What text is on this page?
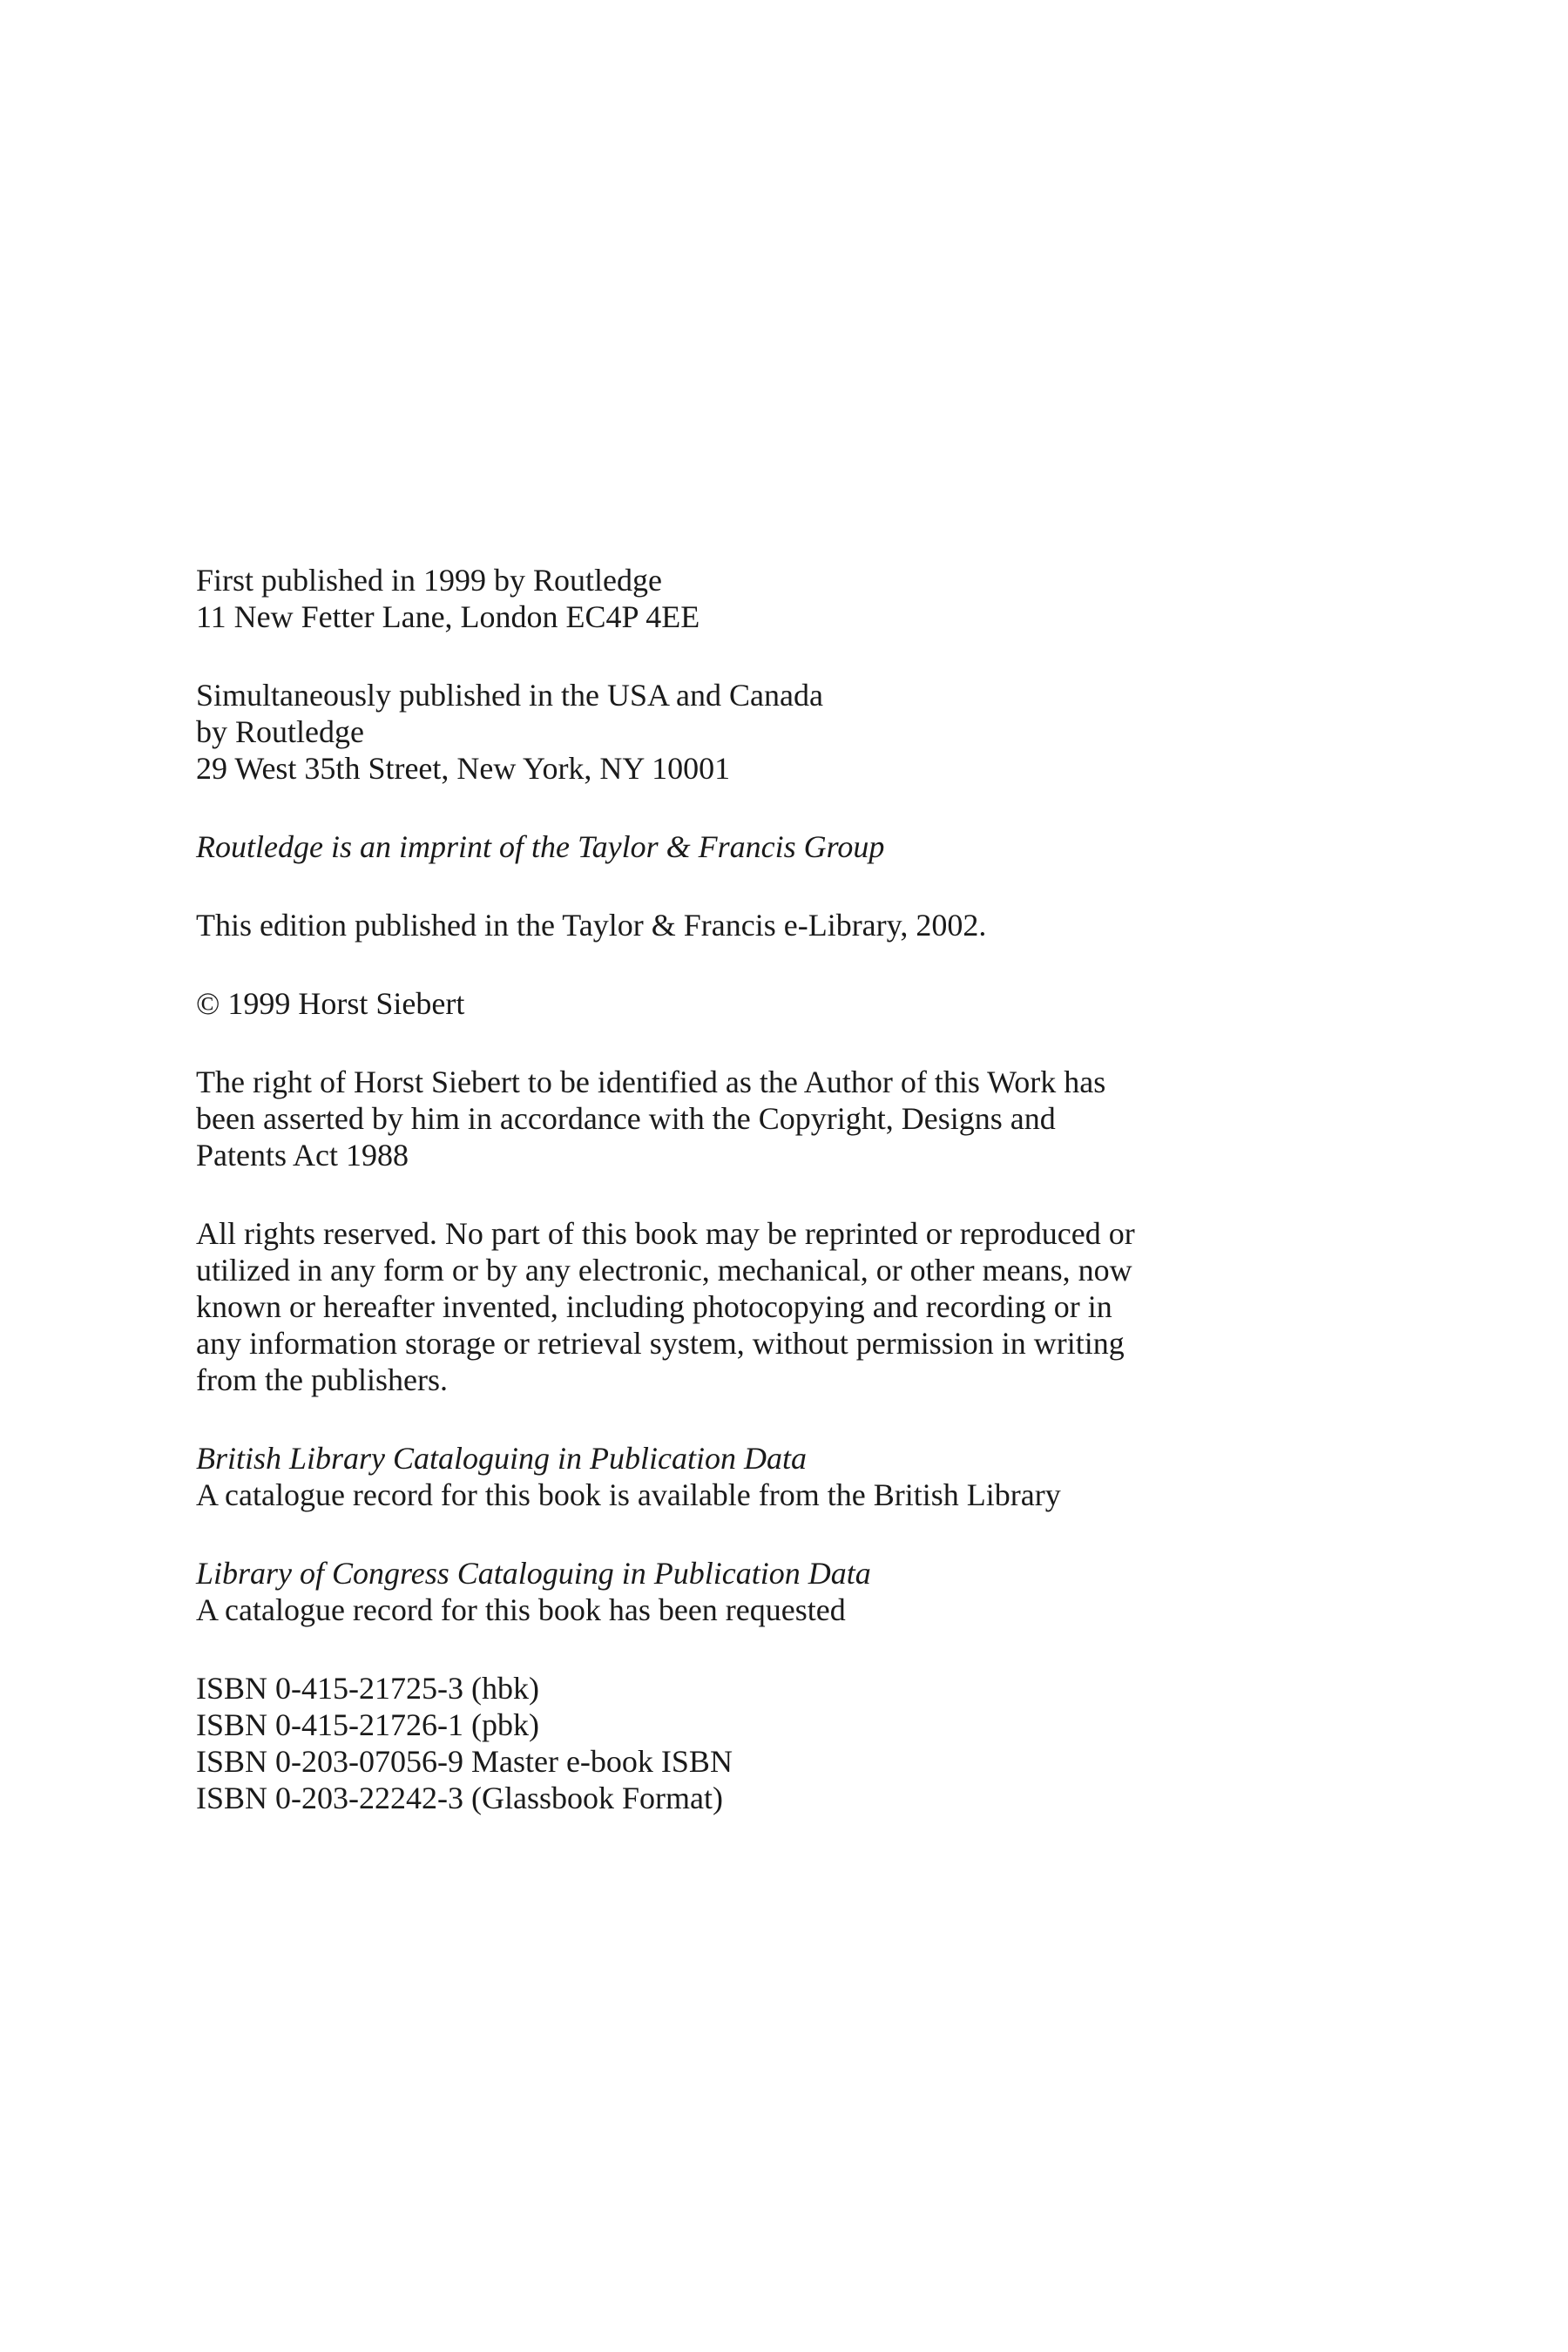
First published in 1999 by Routledge
11 New Fetter Lane, London EC4P 4EE
Simultaneously published in the USA and Canada
by Routledge
29 West 35th Street, New York, NY 10001
Routledge is an imprint of the Taylor & Francis Group
This edition published in the Taylor & Francis e-Library, 2002.
© 1999 Horst Siebert
The right of Horst Siebert to be identified as the Author of this Work has
been asserted by him in accordance with the Copyright, Designs and
Patents Act 1988
All rights reserved. No part of this book may be reprinted or reproduced or
utilized in any form or by any electronic, mechanical, or other means, now
known or hereafter invented, including photocopying and recording or in
any information storage or retrieval system, without permission in writing
from the publishers.
British Library Cataloguing in Publication Data
A catalogue record for this book is available from the British Library
Library of Congress Cataloguing in Publication Data
A catalogue record for this book has been requested
ISBN 0-415-21725-3 (hbk)
ISBN 0-415-21726-1 (pbk)
ISBN 0-203-07056-9 Master e-book ISBN
ISBN 0-203-22242-3 (Glassbook Format)
